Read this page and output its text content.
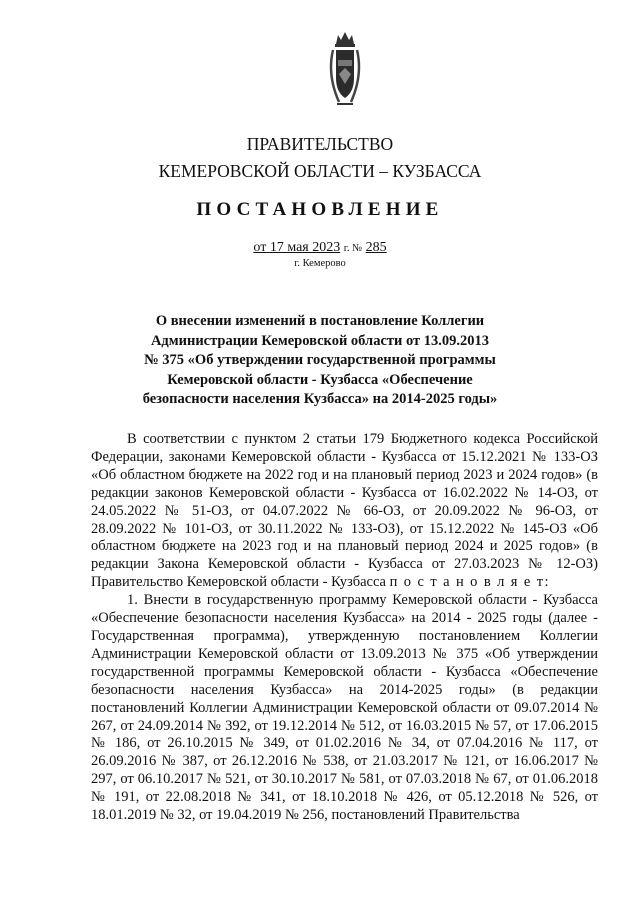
ПРАВИТЕЛЬСТВО
КЕМЕРОВСКОЙ ОБЛАСТИ – КУЗБАССА
ПОСТАНОВЛЕНИЕ
от 17 мая 2023 г. № 285
г. Кемерово
О внесении изменений в постановление Коллегии
Администрации Кемеровской области от 13.09.2013
№ 375 «Об утверждении государственной программы
Кемеровской области - Кузбасса «Обеспечение
безопасности населения Кузбасса» на 2014-2025 годы»

В соответствии с пунктом 2 статьи 179 Бюджетного кодекса Российской Федерации, законами Кемеровской области - Кузбасса от 15.12.2021 № 133-ОЗ «Об областном бюджете на 2022 год и на плановый период 2023 и 2024 годов» (в редакции законов Кемеровской области - Кузбасса от 16.02.2022 № 14-ОЗ, от 24.05.2022 № 51-ОЗ, от 04.07.2022 № 66-ОЗ, от 20.09.2022 № 96-ОЗ, от 28.09.2022 № 101-ОЗ, от 30.11.2022 № 133-ОЗ), от 15.12.2022 № 145-ОЗ «Об областном бюджете на 2023 год и на плановый период 2024 и 2025 годов» (в редакции Закона Кемеровской области - Кузбасса от 27.03.2023 № 12-ОЗ) Правительство Кемеровской области - Кузбасса п о с т а н о в л я е т:

1. Внести в государственную программу Кемеровской области - Кузбасса «Обеспечение безопасности населения Кузбасса» на 2014 - 2025 годы (далее - Государственная программа), утвержденную постановлением Коллегии Администрации Кемеровской области от 13.09.2013 № 375 «Об утверждении государственной программы Кемеровской области - Кузбасса «Обеспечение безопасности населения Кузбасса» на 2014-2025 годы» (в редакции постановлений Коллегии Администрации Кемеровской области от 09.07.2014 № 267, от 24.09.2014 № 392, от 19.12.2014 № 512, от 16.03.2015 № 57, от 17.06.2015 № 186, от 26.10.2015 № 349, от 01.02.2016 № 34, от 07.04.2016 № 117, от 26.09.2016 № 387, от 26.12.2016 № 538, от 21.03.2017 № 121, от 16.06.2017 № 297, от 06.10.2017 № 521, от 30.10.2017 № 581, от 07.03.2018 № 67, от 01.06.2018 № 191, от 22.08.2018 № 341, от 18.10.2018 № 426, от 05.12.2018 № 526, от 18.01.2019 № 32, от 19.04.2019 № 256, постановлений Правительства
